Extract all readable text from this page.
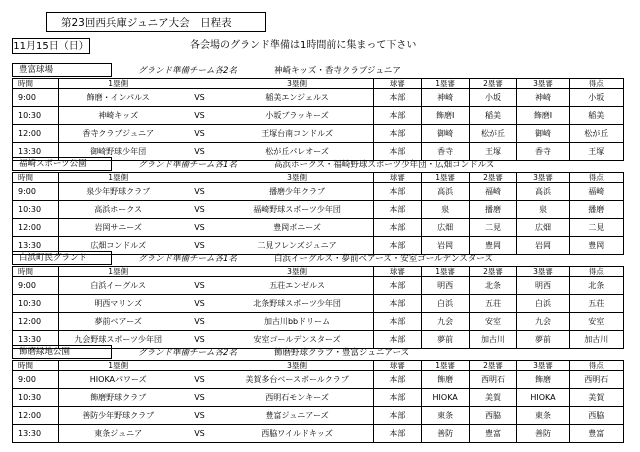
第23回西兵庫ジュニア大会　日程表
11月15日（日）	各会場のグランド準備は1時間前に集まって下さい
豊富球場	グランド準備チーム各2名	神崎キッズ・香寺クラブジュニア
時間	1塁側		3塁側	球審	1塁審	2塁審	3塁審	得点
9:00	飾磨・インパルス	VS	稲美エンジェルス	本部	神崎	小坂	神崎	小坂
10:30	神崎キッズ	VS	小坂ブラッキーズ	本部	飾磨I	稲美	飾磨I	稲美
12:00	香寺クラブジュニア	VS	王塚台南コンドルズ	本部	御崎	松が丘	御崎	松が丘
13:30	御崎野球少年団	VS	松が丘パレオーズ	本部	香寺	王塚	香寺	王塚
福崎スポーツ公園	グランド準備チーム各1名	高浜ホークス・福崎野球スポーツ少年団・広畑コンドルズ
時間	1塁側		3塁側	球審	1塁審	2塁審	3塁審	得点
9:00	泉少年野球クラブ	VS	播磨少年クラブ	本部	高浜	福崎	高浜	福崎
10:30	高浜ホークス	VS	福崎野球スポーツ少年団	本部	泉	播磨	泉	播磨
12:00	岩岡サニーズ	VS	豊岡ボニーズ	本部	広畑	二見	広畑	二見
13:30	広畑コンドルズ	VS	二見フレンズジュニア	本部	岩岡	豊岡	岩岡	豊岡
白浜町民グランド	グランド準備チーム各1名	白浜イーグルス・夢前ベアーズ・安室ゴールデンスターズ
時間	1塁側		3塁側	球審	1塁審	2塁審	3塁審	得点
9:00	白浜イーグルス	VS	五荘エンゼルス	本部	明西	北条	明西	北条
10:30	明西マリンズ	VS	北条野球スポーツ少年団	本部	白浜	五荘	白浜	五荘
12:00	夢前ベアーズ	VS	加古川bbドリーム	本部	九会	安室	九会	安室
13:30	九会野球スポーツ少年団	VS	安室ゴールデンスターズ	本部	夢前	加古川	夢前	加古川
飾磨緑地公園	グランド準備チーム各2名	飾磨野球クラブ・豊富ジュニアーズ
時間	1塁側		3塁側	球審	1塁審	2塁審	3塁審	得点
9:00	HIOKAパワーズ	VS	美賀多台ベースボールクラブ	本部	飾磨	西明石	飾磨	西明石
10:30	飾磨野球クラブ	VS	西明石モンキーズ	本部	HIOKA	美賀	HIOKA	美賀
12:00	善防少年野球クラブ	VS	豊富ジュニアーズ	本部	東条	西脇	東条	西脇
13:30	東条ジュニア	VS	西脇ワイルドキッズ	本部	善防	豊富	善防	豊富
